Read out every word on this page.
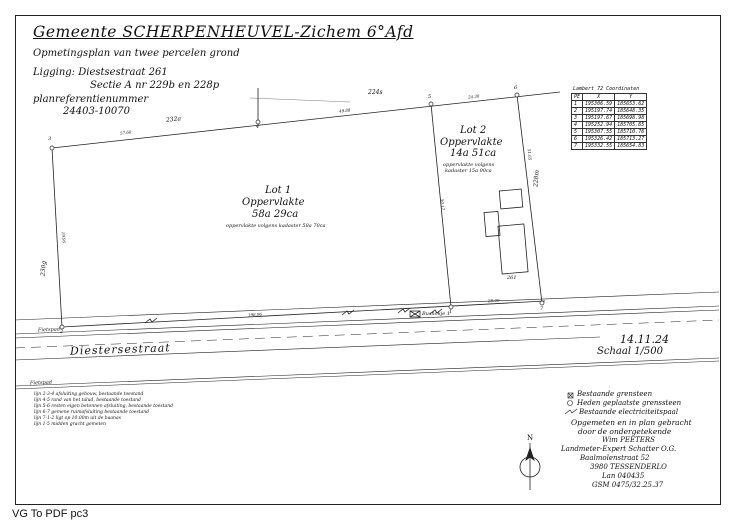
Gemeente SCHERPENHEUVEL-Zichem 6°Afd
Opmetingsplan van twee percelen grond
Ligging: Diestsestraat 261
Sectie A nr 229b en 228p
planreferentienummer
24403-10070
Lambert 72 Coordinaten
PE	X	Y
1	195306.59	185653.62
2	195197.74	185648.35
3	195197.67	185698.98
4	195252.94	185705.65
5	195307.55	185710.76
6	195326.42	185713.27
7	195332.55	185654.83
Lot 1
Oppervlakte
58a 29ca
oppervlakte volgens kadaster 58a 70ca
Lot 2
Oppervlakte
14a 51ca
oppervlakte volgens
kadaster 15a 00ca
232a
224s
228m
230g
261
Bushokje 1
57.60
49.88
24.30
198.96
28.00
50.17
51.65
19.95
3
4
5
6
7
1
2
Fietspad
Diestersestraat
Fietspad
lijn 2-3-4 afsluiting gebouw, bestaande toestand
lijn 4-5 rand van het talud, bestaande toestand
lijn 5-6 resten eigen betonnen afsluiting, bestaande toestand
lijn 6-7 gemene ruimafsluiting bestaande toestand
lijn 7-1-2 ligt op 10.00m uit de baanas
lijn 1-5 midden gracht gemeten
14.11.24
Schaal 1/500
Bestaande grensteen
Heden geplaatste grenssteen
Bestaande electriciteitspaal
Opgemeten en in plan gebracht
door de ondergetekende
Wim PEETERS
Landmeter-Expert Schatter O.G.
Baalmolenstraat 52
3980 TESSENDERLO
Lan 040435
GSM 0475/32.25.37
N
VG To PDF pc3
